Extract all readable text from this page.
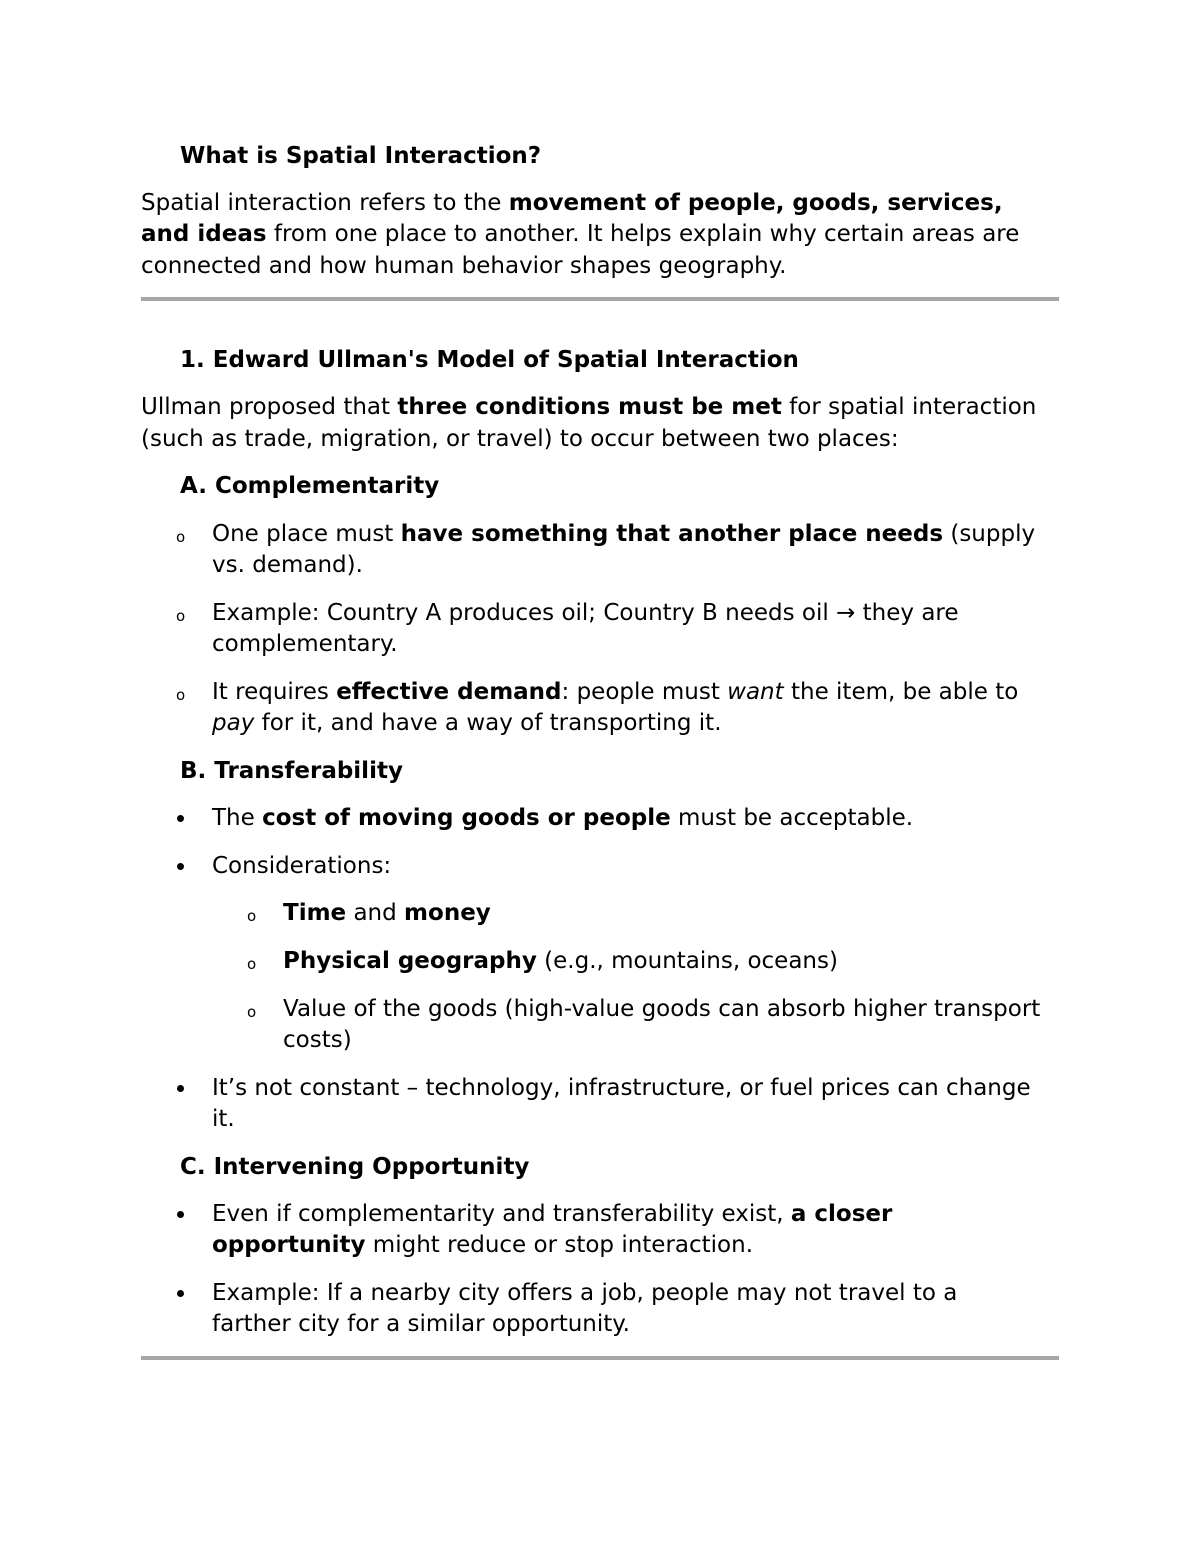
What is Spatial Interaction?
Spatial interaction refers to the movement of people, goods, services,
and ideas from one place to another. It helps explain why certain areas are
connected and how human behavior shapes geography.
1. Edward Ullman's Model of Spatial Interaction
Ullman proposed that three conditions must be met for spatial interaction
(such as trade, migration, or travel) to occur between two places:
A. Complementarity
o One place must have something that another place needs (supply
vs. demand).
o Example: Country A produces oil; Country B needs oil → they are
complementary.
o It requires effective demand: people must want the item, be able to
pay for it, and have a way of transporting it.
B. Transferability
The cost of moving goods or people must be acceptable.
Considerations:
o Time and money
o Physical geography (e.g., mountains, oceans)
o Value of the goods (high-value goods can absorb higher transport
costs)
It’s not constant – technology, infrastructure, or fuel prices can change
it.
C. Intervening Opportunity
Even if complementarity and transferability exist, a closer
opportunity might reduce or stop interaction.
Example: If a nearby city offers a job, people may not travel to a
farther city for a similar opportunity.
